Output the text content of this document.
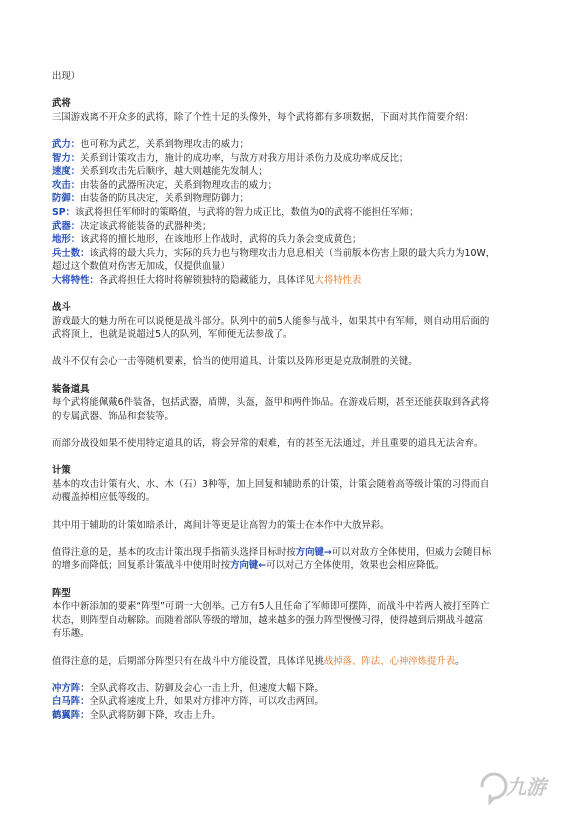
出现）
武将
三国游戏离不开众多的武将，除了个性十足的头像外，每个武将都有多项数据，下面对其作简要介绍：
武力：也可称为武艺，关系到物理攻击的威力；
智力：关系到计策攻击力，施计的成功率，与敌方对我方用计杀伤力及成功率成反比；
速度：关系到攻击先后顺序，越大则越能先发制人；
攻击：由装备的武器所决定，关系到物理攻击的威力；
防御：由装备的防具决定，关系到物理防御力；
SP：该武将担任军师时的策略值，与武将的智力成正比，数值为0的武将不能担任军师；
武器：决定该武将能装备的武器种类；
地形：该武将的擅长地形，在该地形上作战时，武将的兵力条会变成黄色；
兵士数：该武将的最大兵力，实际的兵力也与物理攻击力息息相关（当前版本伤害上限的最大兵力为10W，
超过这个数值对伤害无加成，仅提供血量）
大将特性：各武将担任大将时将解锁独特的隐藏能力，具体详见大将特性表
战斗
游戏最大的魅力所在可以说便是战斗部分。队列中的前5人能参与战斗，如果其中有军师，则自动用后面的
武将顶上，也就是说超过5人的队列，军师便无法参战了。
战斗不仅有会心一击等随机要素，恰当的使用道具、计策以及阵形更是克敌制胜的关键。
装备道具
每个武将能佩戴6件装备，包括武器，盾牌，头盔，盔甲和两件饰品。在游戏后期，甚至还能获取到各武将
的专属武器、饰品和套装等。
而部分战役如果不使用特定道具的话，将会异常的艰难，有的甚至无法通过，并且重要的道具无法舍弃。
计策
基本的攻击计策有火、水、木（石）3种等，加上回复和辅助系的计策，计策会随着高等级计策的习得而自
动覆盖掉相应低等级的。
其中用于辅助的计策如暗杀计，离间计等更是让高智力的策士在本作中大放异彩。
值得注意的是，基本的攻击计策出现手指箭头选择目标时按方向键→可以对敌方全体使用，但威力会随目标
的增多而降低；回复系计策战斗中使用时按方向键←可以对己方全体使用，效果也会相应降低。
阵型
本作中新添加的要素“阵型”可谓一大创举。己方有5人且任命了军师即可摆阵，而战斗中若两人被打至阵亡
状态，则阵型自动解除。而随着部队等级的增加，越来越多的强力阵型慢慢习得，使得越到后期战斗越富
有乐趣。
值得注意的是，后期部分阵型只有在战斗中方能设置，具体详见挑战掉落、阵法、心神淬炼提升表。
冲方阵：全队武将攻击、防御及会心一击上升，但速度大幅下降。
白马阵：全队武将速度上升，如果对方排冲方阵，可以攻击两回。
鹤翼阵：全队武将防御下降，攻击上升。
九游
